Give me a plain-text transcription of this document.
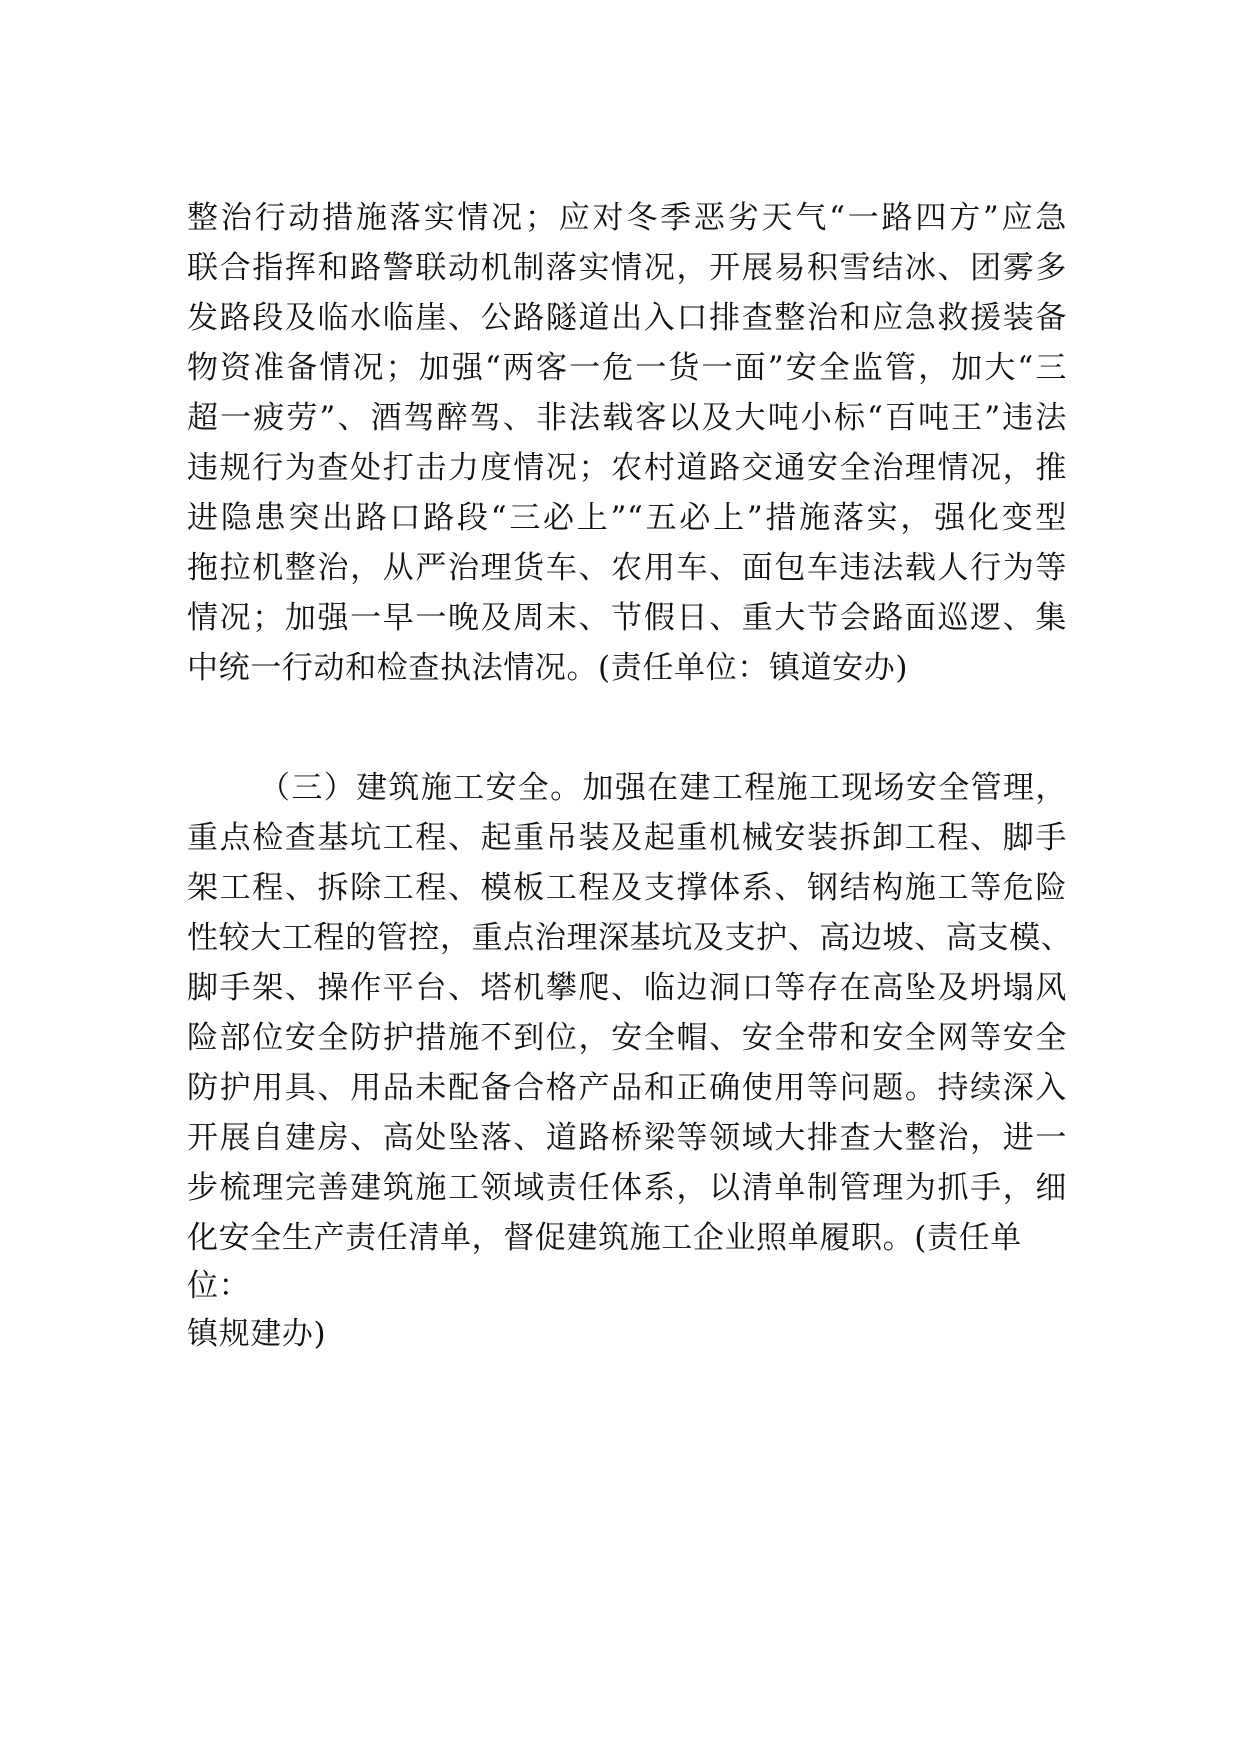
整治行动措施落实情况；应对冬季恶劣天气“一路四方”应急
联合指挥和路警联动机制落实情况，开展易积雪结冰、团雾多
发路段及临水临崖、公路隧道出入口排查整治和应急救援装备
物资准备情况；加强“两客一危一货一面”安全监管，加大“三
超一疲劳”、酒驾醉驾、非法载客以及大吨小标“百吨王”违法
违规行为查处打击力度情况；农村道路交通安全治理情况，推
进隐患突出路口路段“三必上”“五必上”措施落实，强化变型
拖拉机整治，从严治理货车、农用车、面包车违法载人行为等
情况；加强一早一晚及周末、节假日、重大节会路面巡逻、集
中统一行动和检查执法情况。(责任单位：镇道安办)
（三）建筑施工安全。加强在建工程施工现场安全管理，
重点检查基坑工程、起重吊装及起重机械安装拆卸工程、脚手
架工程、拆除工程、模板工程及支撑体系、钢结构施工等危险
性较大工程的管控，重点治理深基坑及支护、高边坡、高支模、
脚手架、操作平台、塔机攀爬、临边洞口等存在高坠及坍塌风
险部位安全防护措施不到位，安全帽、安全带和安全网等安全
防护用具、用品未配备合格产品和正确使用等问题。持续深入
开展自建房、高处坠落、道路桥梁等领域大排查大整治，进一
步梳理完善建筑施工领域责任体系，以清单制管理为抓手，细
化安全生产责任清单，督促建筑施工企业照单履职。(责任单
位：
镇规建办)
